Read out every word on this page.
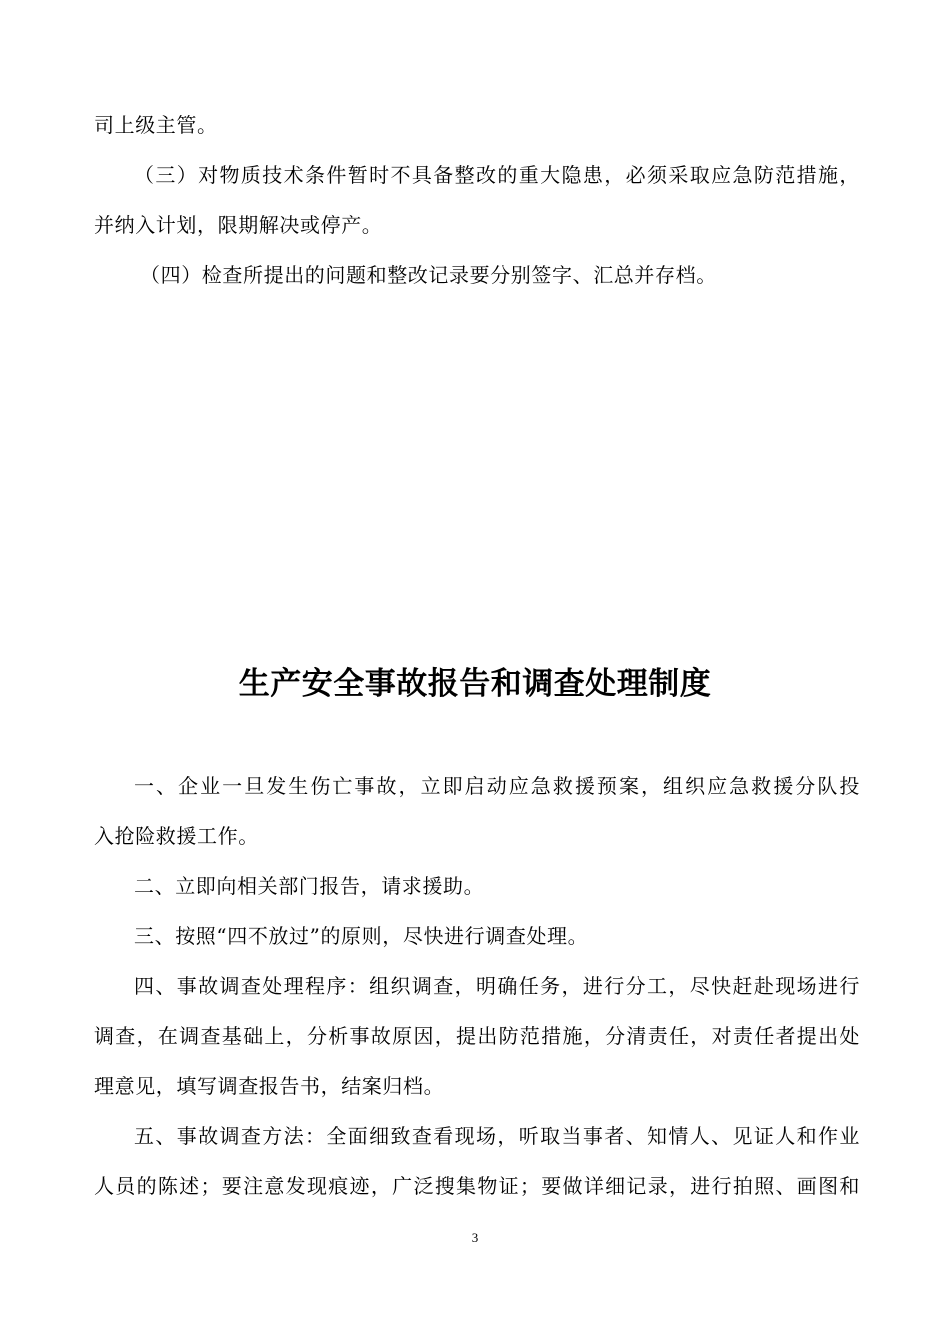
司上级主管。
（三）对物质技术条件暂时不具备整改的重大隐患，必须采取应急防范措施，
并纳入计划，限期解决或停产。
（四）检查所提出的问题和整改记录要分别签字、汇总并存档。
生产安全事故报告和调查处理制度
一、企业一旦发生伤亡事故，立即启动应急救援预案，组织应急救援分队投
入抢险救援工作。
二、立即向相关部门报告，请求援助。
三、按照“四不放过”的原则，尽快进行调查处理。
四、事故调查处理程序：组织调查，明确任务，进行分工，尽快赶赴现场进行
调查，在调查基础上，分析事故原因，提出防范措施，分清责任，对责任者提出处
理意见，填写调查报告书，结案归档。
五、事故调查方法：全面细致查看现场，听取当事者、知情人、见证人和作业
人员的陈述；要注意发现痕迹，广泛搜集物证；要做详细记录，进行拍照、画图和
3
